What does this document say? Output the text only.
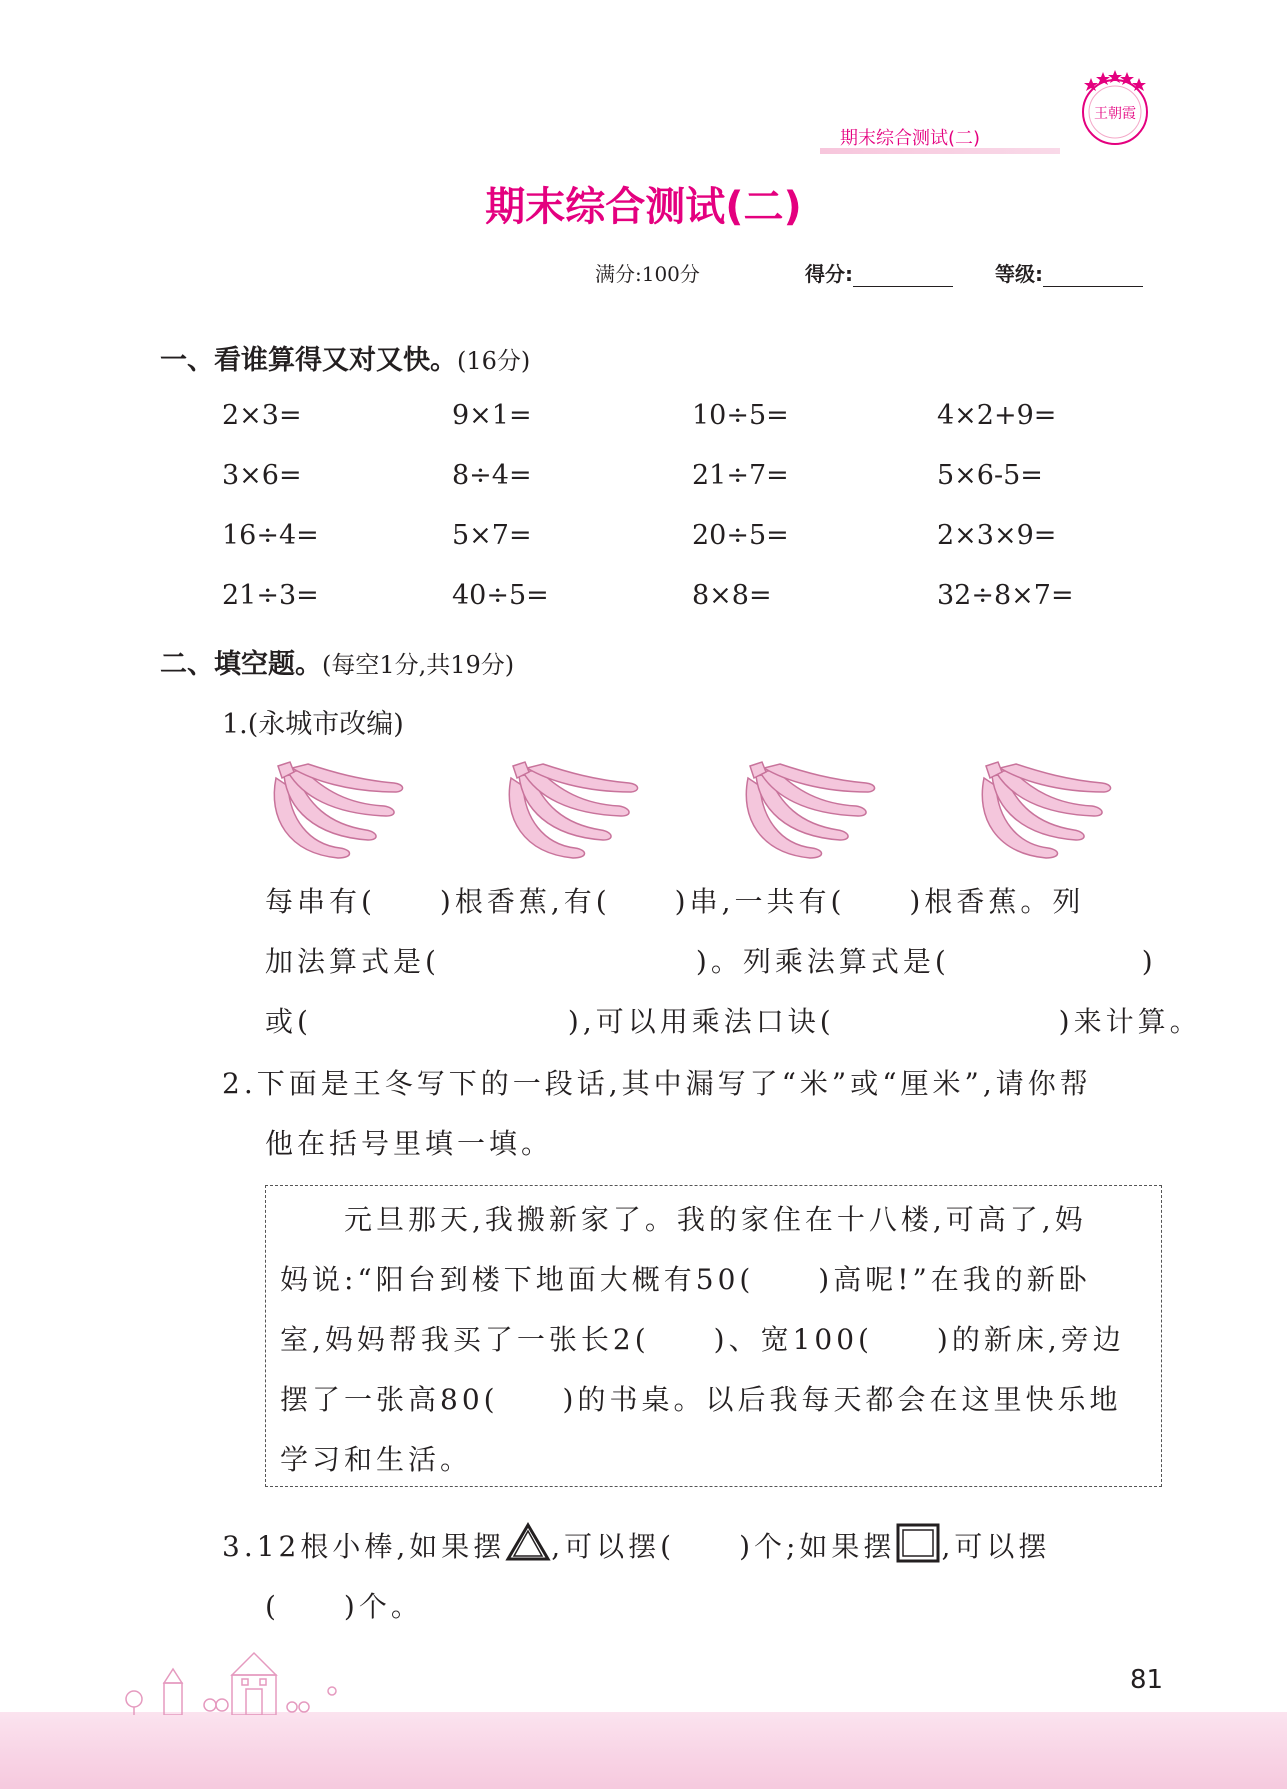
期末综合测试(二)
王朝霞
期末综合测试(二)
满分:100分	得分:	等级:
一、看谁算得又对又快。(16分)
2×3=	9×1=	10÷5=	4×2+9=
3×6=	8÷4=	21÷7=	5×6-5=
16÷4=	5×7=	20÷5=	2×3×9=
21÷3=	40÷5=	8×8=	32÷8×7=
二、填空题。(每空1分,共19分)
1.(永城市改编)
每串有(　　)根香蕉,有(　　)串,一共有(　　)根香蕉。列
加法算式是(　　　　　　　　)。列乘法算式是(　　　　　　)
或(　　　　　　　　),可以用乘法口诀(　　　　　　　)来计算。
2.下面是王冬写下的一段话,其中漏写了“米”或“厘米”,请你帮
他在括号里填一填。
　　元旦那天,我搬新家了。我的家住在十八楼,可高了,妈
妈说:“阳台到楼下地面大概有50(　　)高呢!”在我的新卧
室,妈妈帮我买了一张长2(　　)、宽100(　　)的新床,旁边
摆了一张高80(　　)的书桌。以后我每天都会在这里快乐地
学习和生活。
3.12根小棒,如果摆 ,可以摆(　　)个;如果摆 ,可以摆
(　　)个。
81
